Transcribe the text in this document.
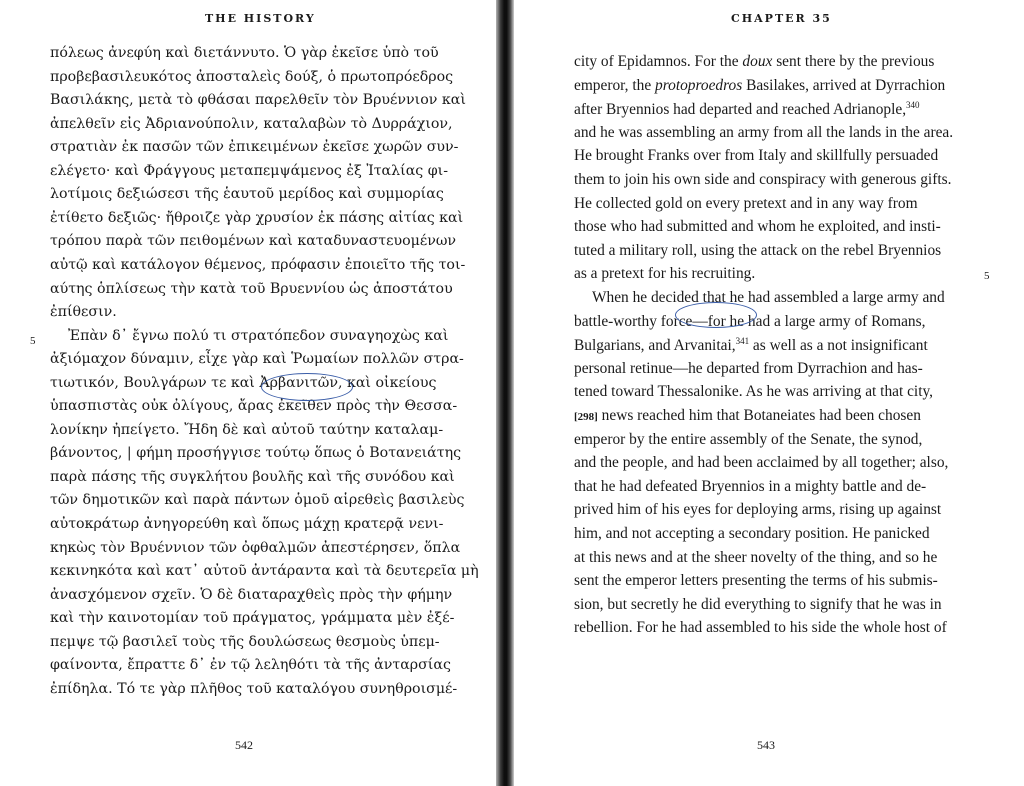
THE HISTORY
πόλεως ἀνεφύη καὶ διετάννυτο. Ὁ γὰρ ἐκεῖσε ὑπὸ τοῦ
προβεβασιλευκότος ἀποσταλεὶς δούξ, ὁ πρωτοπρόεδρος
Βασιλάκης, μετὰ τὸ φθάσαι παρελθεῖν τὸν Βρυέννιον καὶ
ἀπελθεῖν εἰς Ἀδριανούπολιν, καταλαβὼν τὸ Δυρράχιον,
στρατιὰν ἐκ πασῶν τῶν ἐπικειμένων ἐκεῖσε χωρῶν συν-
ελέγετο· καὶ Φράγγους μεταπεμψάμενος ἐξ Ἰταλίας φι-
λοτίμοις δεξιώσεσι τῆς ἑαυτοῦ μερίδος καὶ συμμορίας
ἐτίθετο δεξιῶς· ἤθροιζε γὰρ χρυσίον ἐκ πάσης αἰτίας καὶ
τρόπου παρὰ τῶν πειθομένων καὶ καταδυναστευομένων
αὐτῷ καὶ κατάλογον θέμενος, πρόφασιν ἐποιεῖτο τῆς τοι-
αύτης ὁπλίσεως τὴν κατὰ τοῦ Βρυεννίου ὡς ἀποστάτου
ἐπίθεσιν.
Ἐπὰν δ᾽ ἔγνω πολύ τι στρατόπεδον συναγηοχὼς καὶ
ἀξιόμαχον δύναμιν, εἶχε γὰρ καὶ Ῥωμαίων πολλῶν στρα-
τιωτικόν, Βουλγάρων τε καὶ Ἀρβανιτῶν, καὶ οἰκείους
ὑπασπιστὰς οὐκ ὀλίγους, ἄρας ἐκεῖθεν πρὸς τὴν Θεσσα-
λονίκην ἠπείγετο. Ἤδη δὲ καὶ αὐτοῦ ταύτην καταλαμ-
βάνοντος, | φήμη προσήγγισε τούτῳ ὅπως ὁ Βοτανειάτης
παρὰ πάσης τῆς συγκλήτου βουλῆς καὶ τῆς συνόδου καὶ
τῶν δημοτικῶν καὶ παρὰ πάντων ὁμοῦ αἱρεθεὶς βασιλεὺς
αὐτοκράτωρ ἀνηγορεύθη καὶ ὅπως μάχῃ κρατερᾷ νενι-
κηκὼς τὸν Βρυέννιον τῶν ὀφθαλμῶν ἀπεστέρησεν, ὅπλα
κεκινηκότα καὶ κατ᾽ αὐτοῦ ἀντάραντα καὶ τὰ δευτερεῖα μὴ
ἀνασχόμενον σχεῖν. Ὁ δὲ διαταραχθεὶς πρὸς τὴν φήμην
καὶ τὴν καινοτομίαν τοῦ πράγματος, γράμματα μὲν ἐξέ-
πεμψε τῷ βασιλεῖ τοὺς τῆς δουλώσεως θεσμοὺς ὑπεμ-
φαίνοντα, ἔπραττε δ᾽ ἐν τῷ λεληθότι τὰ τῆς ἀνταρσίας
ἐπίδηλα. Τό τε γὰρ πλῆθος τοῦ καταλόγου συνηθροισμέ-
5
542
CHAPTER 35
city of Epidamnos. For the doux sent there by the previous
emperor, the protoproedros Basilakes, arrived at Dyrrachion
after Bryennios had departed and reached Adrianople,$^{340}$
and he was assembling an army from all the lands in the area.
He brought Franks over from Italy and skillfully persuaded
them to join his own side and conspiracy with generous gifts.
He collected gold on every pretext and in any way from
those who had submitted and whom he exploited, and insti-
tuted a military roll, using the attack on the rebel Bryennios
as a pretext for his recruiting.
When he decided that he had assembled a large army and
battle-worthy force—for he had a large army of Romans,
Bulgarians, and Arvanitai,$^{341}$ as well as a not insignificant
personal retinue—he departed from Dyrrachion and has-
tened toward Thessalonike. As he was arriving at that city,
[298] news reached him that Botaneiates had been chosen
emperor by the entire assembly of the Senate, the synod,
and the people, and had been acclaimed by all together; also,
that he had defeated Bryennios in a mighty battle and de-
prived him of his eyes for deploying arms, rising up against
him, and not accepting a secondary position. He panicked
at this news and at the sheer novelty of the thing, and so he
sent the emperor letters presenting the terms of his submis-
sion, but secretly he did everything to signify that he was in
rebellion. For he had assembled to his side the whole host of
5
543
